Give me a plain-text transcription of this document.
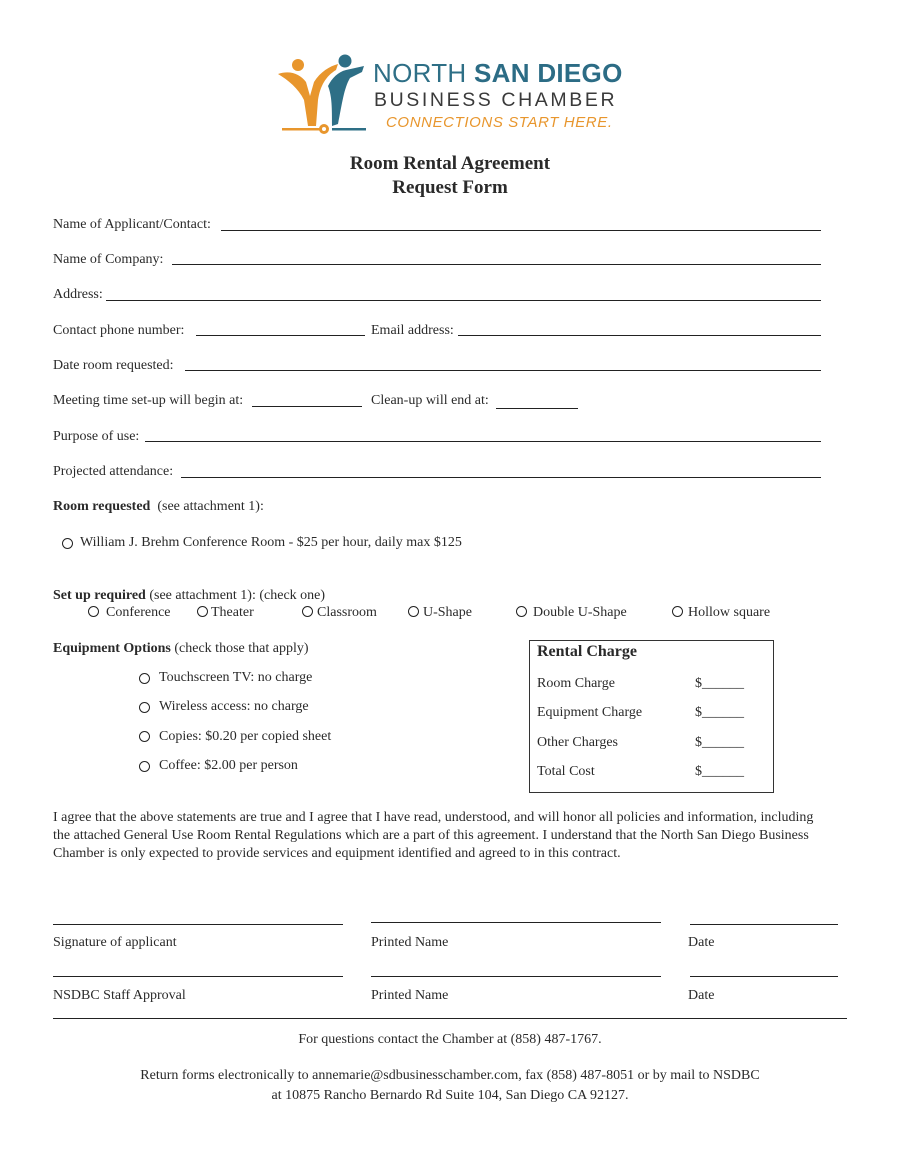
NORTH SAN DIEGO
BUSINESS CHAMBER
CONNECTIONS START HERE.
Room Rental Agreement
Request Form
Name of Applicant/Contact:
Name of Company:
Address:
Contact phone number:	Email address:
Date room requested:
Meeting time set-up will begin at:	Clean-up will end at:
Purpose of use:
Projected attendance:
Room requested (see attachment 1):
William J. Brehm Conference Room - $25 per hour, daily max $125
Set up required (see attachment 1): (check one)
Conference	Theater	Classroom	U-Shape	Double U-Shape	Hollow square
Equipment Options (check those that apply)
Touchscreen TV: no charge
Wireless access: no charge
Copies: $0.20 per copied sheet
Coffee: $2.00 per person
Rental Charge
Room Charge	$______
Equipment Charge	$______
Other Charges	$______
Total Cost	$______
I agree that the above statements are true and I agree that I have read, understood, and will honor all policies and information, including
the attached General Use Room Rental Regulations which are a part of this agreement. I understand that the North San Diego Business
Chamber is only expected to provide services and equipment identified and agreed to in this contract.
Signature of applicant	Printed Name	Date
NSDBC Staff Approval	Printed Name	Date
For questions contact the Chamber at (858) 487-1767.
Return forms electronically to annemarie@sdbusinesschamber.com, fax (858) 487-8051 or by mail to NSDBC
at 10875 Rancho Bernardo Rd Suite 104, San Diego CA 92127.
